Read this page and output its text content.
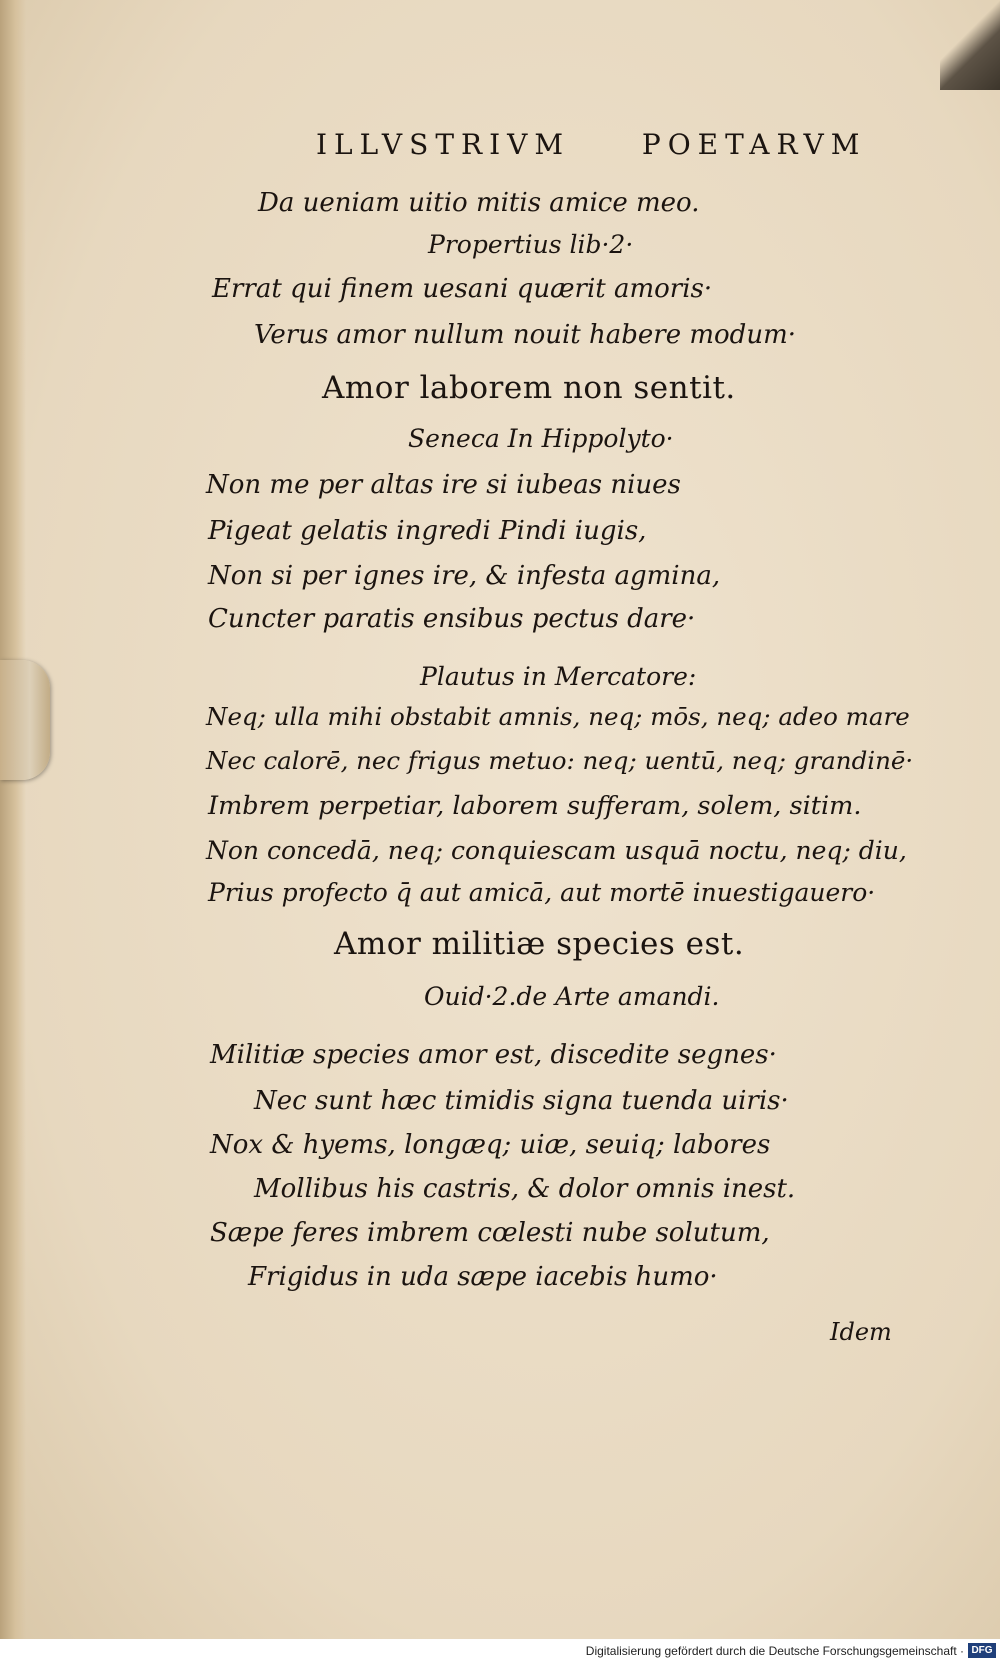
ILLVSTRIVM	POETARVM
Da ueniam uitio mitis amice meo.
Propertius lib·2·
Errat qui finem uesani quærit amoris·
Verus amor nullum nouit habere modum·
Amor laborem non sentit.
Seneca In Hippolyto·
Non me per altas ire si iubeas niues
Pigeat gelatis ingredi Pindi iugis,
Non si per ignes ire, & infesta agmina,
Cuncter paratis ensibus pectus dare·
Plautus in Mercatore:
Neq; ulla mihi obstabit amnis, neq; mōs, neq; adeo mare
Nec calorē, nec frigus metuo: neq; uentū, neq; grandinē·
Imbrem perpetiar, laborem sufferam, solem, sitim.
Non concedā, neq; conquiescam usquā noctu, neq; diu,
Prius profecto q̄ aut amicā, aut mortē inuestigauero·
Amor militiæ species est.
Ouid·2.de Arte amandi.
Militiæ species amor est, discedite segnes·
Nec sunt hæc timidis signa tuenda uiris·
Nox & hyems, longæq; uiæ, seuiq; labores
Mollibus his castris, & dolor omnis inest.
Sæpe feres imbrem cœlesti nube solutum,
Frigidus in uda sæpe iacebis humo·
Idem
Digitalisierung gefördert durch die Deutsche Forschungsgemeinschaft · DFG
